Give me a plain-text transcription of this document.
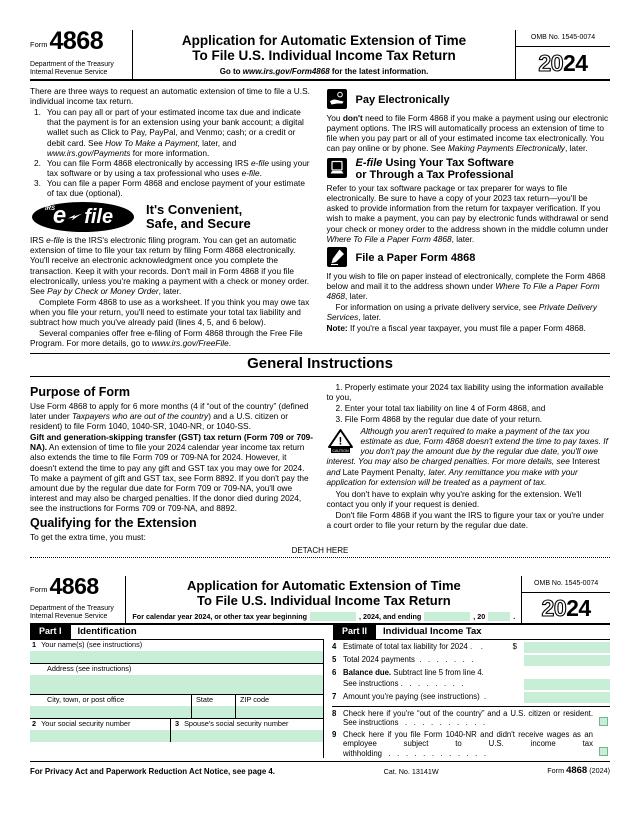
Form 4868
Department of the Treasury
Internal Revenue Service
Application for Automatic Extension of Time
To File U.S. Individual Income Tax Return
Go to www.irs.gov/Form4868 for the latest information.
OMB No. 1545-0074
20 24

There are three ways to request an automatic extension of time to file a U.S. individual income tax return.

1. You can pay all or part of your estimated income tax due and indicate that the payment is for an extension using your bank account; a digital wallet such as Click to Pay, PayPal, and Venmo; cash; or a credit or debit card. See How To Make a Payment, later, and www.irs.gov/Payments for more information.
2. You can file Form 4868 electronically by accessing IRS e-file using your tax software or by using a tax professional who uses e-file.
3. You can file a paper Form 4868 and enclose payment of your estimate of tax due (optional).
IRS
e file	It's Convenient,
Safe, and Secure

IRS e-file is the IRS's electronic filing program. You can get an automatic extension of time to file your tax return by filing Form 4868 electronically. You'll receive an electronic acknowledgment once you complete the transaction. Keep it with your records. Don't mail in Form 4868 if you file electronically, unless you're making a payment with a check or money order. See Pay by Check or Money Order, later.

Complete Form 4868 to use as a worksheet. If you think you may owe tax when you file your return, you'll need to estimate your total tax liability and subtract how much you've already paid (lines 4, 5, and 6 below).

Several companies offer free e-filing of Form 4868 through the Free File Program. For more details, go to www.irs.gov/FreeFile.

Pay Electronically

You don't need to file Form 4868 if you make a payment using our electronic payment options. The IRS will automatically process an extension of time to file when you pay part or all of your estimated income tax electronically. You can pay online or by phone. See Making Payments Electronically, later.

E-file Using Your Tax Software
or Through a Tax Professional

Refer to your tax software package or tax preparer for ways to file electronically. Be sure to have a copy of your 2023 tax return—you'll be asked to provide information from the return for taxpayer verification. If you wish to make a payment, you can pay by electronic funds withdrawal or send your check or money order to the address shown in the middle column under Where To File a Paper Form 4868, later.

File a Paper Form 4868

If you wish to file on paper instead of electronically, complete the Form 4868 below and mail it to the address shown under Where To File a Paper Form 4868, later.

For information on using a private delivery service, see Private Delivery Services, later.

Note: If you're a fiscal year taxpayer, you must file a paper Form 4868.

General Instructions
Purpose of Form

Use Form 4868 to apply for 6 more months (4 if “out of the country” (defined later under Taxpayers who are out of the country) and a U.S. citizen or resident) to file Form 1040, 1040-SR, 1040-NR, or 1040-SS.

Gift and generation-skipping transfer (GST) tax return (Form 709 or 709-NA). An extension of time to file your 2024 calendar year income tax return also extends the time to file Form 709 or 709-NA for 2024. However, it doesn't extend the time to pay any gift and GST tax you may owe for 2024. To make a payment of gift and GST tax, see Form 8892. If you don't pay the amount due by the regular due date for Form 709 or 709-NA, you'll owe interest and may also be charged penalties. If the donor died during 2024, see the instructions for Forms 709 or 709-NA, and 8892.

Qualifying for the Extension

To get the extra time, you must:

1. Properly estimate your 2024 tax liability using the information available to you,

2. Enter your total tax liability on line 4 of Form 4868, and

3. File Form 4868 by the regular due date of your return.

!
CAUTION
Although you aren't required to make a payment of the tax you estimate as due, Form 4868 doesn't extend the time to pay taxes. If you don't pay the amount due by the regular due date, you'll owe interest. You may also be charged penalties. For more details, see Interest and Late Payment Penalty, later. Any remittance you make with your application for extension will be treated as a payment of tax.

You don't have to explain why you're asking for the extension. We'll contact you only if your request is denied.

Don't file Form 4868 if you want the IRS to figure your tax or you're under a court order to file your return by the regular due date.

DETACH HERE
Form 4868
Department of the Treasury
Internal Revenue Service
Application for Automatic Extension of Time
To File U.S. Individual Income Tax Return
For calendar year 2024, or other tax year beginning	, 2024, and ending	, 20	.
OMB No. 1545-0074
20 24
Part I	Identification	Part II	Individual Income Tax
1 Your name(s) (see instructions)
Address (see instructions)
City, town, or post office	State	ZIP code
2 Your social security number	3 Spouse's social security number
4 Estimate of total tax liability for 2024 .    .	$
5 Total 2024 payments  .   .   .   .   .   .   .
6 Balance due. Subtract line 5 from line 4.
See instructions .   .   .   .   .   .   .   .
7 Amount you're paying (see instructions)  .
8 Check here if you're “out of the country” and a U.S. citizen or resident. See instructions   .   .   .   .   .   .   .   .   .   .
9 Check here if you file Form 1040-NR and didn't receive wages as an employee subject to U.S. income tax withholding   .   .   .   .   .   .   .   .   .   .   .   .
For Privacy Act and Paperwork Reduction Act Notice, see page 4.	Cat. No. 13141W	Form 4868 (2024)
